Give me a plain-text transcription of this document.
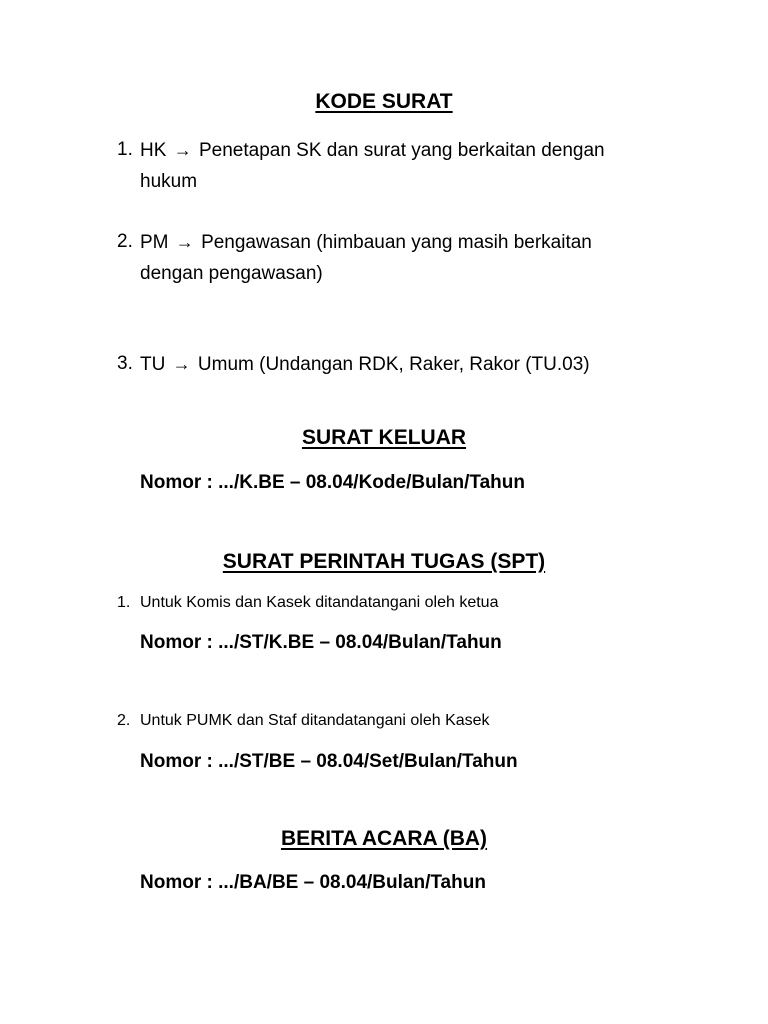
KODE SURAT
1. HK → Penetapan SK dan surat yang berkaitan dengan
hukum
2. PM → Pengawasan (himbauan yang masih berkaitan
dengan pengawasan)
3. TU → Umum (Undangan RDK, Raker, Rakor (TU.03)
SURAT KELUAR
Nomor : .../K.BE – 08.04/Kode/Bulan/Tahun
SURAT PERINTAH TUGAS (SPT)
1. Untuk Komis dan Kasek ditandatangani oleh ketua
Nomor : .../ST/K.BE – 08.04/Bulan/Tahun
2. Untuk PUMK dan Staf ditandatangani oleh Kasek
Nomor : .../ST/BE – 08.04/Set/Bulan/Tahun
BERITA ACARA (BA)
Nomor : .../BA/BE – 08.04/Bulan/Tahun
